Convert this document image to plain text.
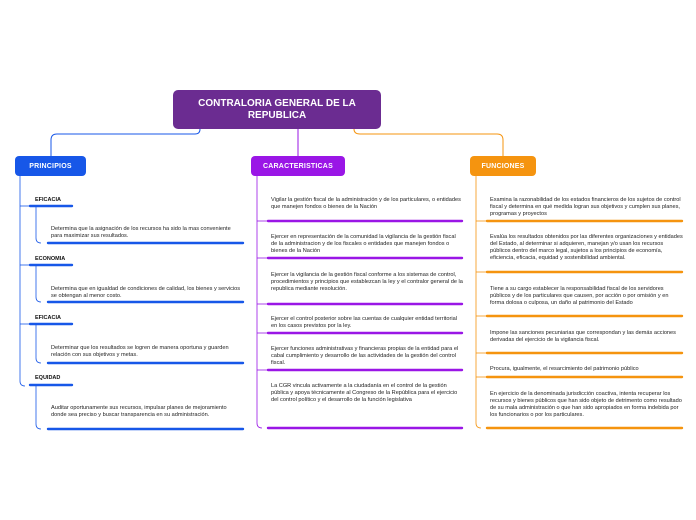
CONTRALORIA GENERAL DE LA REPUBLICA
PRINCIPIOS	CARACTERISTICAS	FUNCIONES
EFICACIA
Determina que la asignación de los recursos ha sido la mas conveniente para maximizar sus resultados.
ECONOMIA
Determina que en igualdad de condiciones de calidad, los bienes y servicios se obtengan al menor costo.
EFICACIA
Determinar que los resultados se logren de manera oportuna y guarden relación con sus objetivos y metas.
EQUIDAD
Auditar oportunamente sus recursos, impulsar planes de mejoramiento donde sea preciso y buscar transparencia en su administración.
Vigilar la gestión fiscal de la administración y de los particulares, o entidades que manejen fondos o bienes de la Nación
Ejercer en representación de la comunidad la vigilancia de la gestión fiscal de la administracion y de los fiscales o entidades que manejen fondos o bienes de la Nación
Ejercer la vigilancia de la gestión fiscal conforme a los sistemas de control, procedimientos y principios que establezcan la ley y el contralor general de la republica mediante resolución.
Ejercer el control posterior sobre las cuentas de cualquier entidad territorial en los casos previstos por la ley.
Ejercer funciones administrativas y financieras propias de la entidad para el cabal cumplimiento y desarrollo de las actividades de la gestión del control fiscal.
La CGR vincula activamente a la ciudadanía en el control de la gestión pública y apoya técnicamente al Congreso de la República para el ejercicio del control político y el desarrollo de la función legislativa
Examina la razonabilidad de los estados financieros de los sujetos de control fiscal y determina en qué medida logran sus objetivos y cumplen sus planes, programas y proyectos
Evalúa los resultados obtenidos por las diferentes organizaciones y entidades del Estado, al determinar si adquieren, manejan y/o usan los recursos públicos dentro del marco legal, sujetos a los principios de economía, eficiencia, eficacia, equidad y sostenibilidad ambiental.
Tiene a su cargo establecer la responsabilidad fiscal de los servidores públicos y de los particulares que causen, por acción o por omisión y en forma dolosa o culposa, un daño al patrimonio del Estado
Impone las sanciones pecuniarias que correspondan y las demás acciones derivadas del ejercicio de la vigilancia fiscal.
Procura, igualmente, el resarcimiento del patrimonio público
En ejercicio de la denominada jurisdicción coactiva, intenta recuperar los recursos y bienes públicos que han sido objeto de detrimento como resultado de su mala administración o que han sido apropiados en forma indebida por los funcionarios o por los particulares.
